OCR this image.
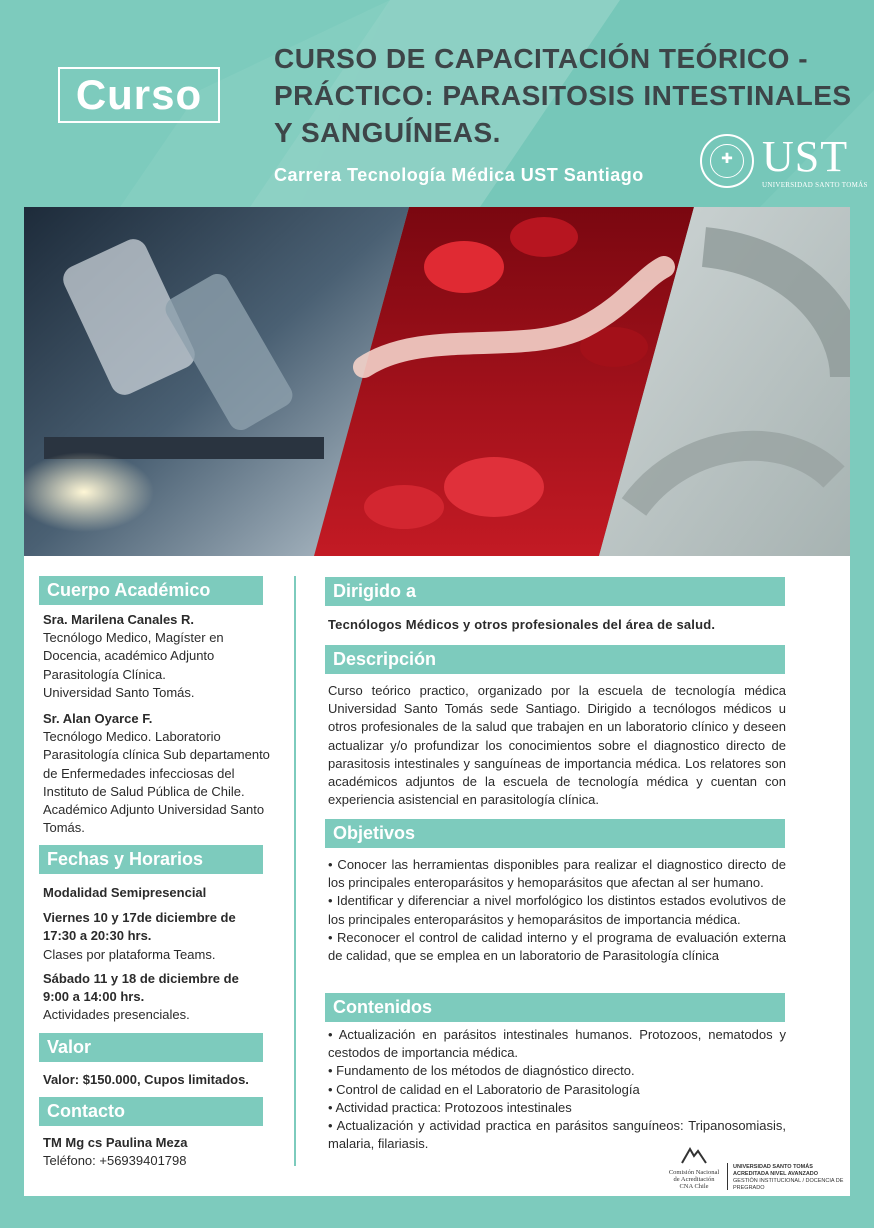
Curso
CURSO DE CAPACITACIÓN TEÓRICO -
PRÁCTICO: PARASITOSIS INTESTINALES
Y SANGUÍNEAS.
Carrera Tecnología Médica UST Santiago
✚ UST
UNIVERSIDAD SANTO TOMÁS
Cuerpo Académico
Sra. Marilena Canales R.
Tecnólogo Medico, Magíster en
Docencia, académico Adjunto
Parasitología Clínica.
Universidad Santo Tomás.
Sr. Alan Oyarce F.
Tecnólogo Medico. Laboratorio
Parasitología clínica Sub departamento
de Enfermedades infecciosas del
Instituto de Salud Pública de Chile.
Académico Adjunto Universidad Santo
Tomás.
Fechas y Horarios
Modalidad Semipresencial
Viernes 10 y 17de diciembre de
17:30 a 20:30 hrs.
Clases por plataforma Teams.
Sábado 11 y 18 de diciembre de
9:00 a 14:00 hrs.
Actividades presenciales.
Valor
Valor: $150.000, Cupos limitados.
Contacto
TM Mg cs Paulina Meza
Teléfono: +56939401798
Dirigido a
Tecnólogos Médicos y otros profesionales del área de salud.
Descripción

Curso teórico practico, organizado por la escuela de tecnología médica Universidad Santo Tomás sede Santiago. Dirigido a tecnólogos médicos u otros profesionales de la salud que trabajen en un laboratorio clínico y deseen actualizar y/o profundizar los conocimientos sobre el diagnostico directo de parasitosis intestinales y sanguíneas de importancia médica. Los relatores son académicos adjuntos de la escuela de tecnología médica y cuentan con experiencia asistencial en parasitología clínica.

Objetivos
• Conocer las herramientas disponibles para realizar el diagnostico directo de los principales enteroparásitos y hemoparásitos que afectan al ser humano.
• Identificar y diferenciar a nivel morfológico los distintos estados evolutivos de los principales enteroparásitos y hemoparásitos de importancia médica.
• Reconocer el control de calidad interno y el programa de evaluación externa de calidad, que se emplea en un laboratorio de Parasitología clínica
Contenidos
• Actualización en parásitos intestinales humanos. Protozoos, nematodos y cestodos de importancia médica.
• Fundamento de los métodos de diagnóstico directo.
• Control de calidad en el Laboratorio de Parasitología
• Actividad practica: Protozoos intestinales
• Actualización y actividad practica en parásitos sanguíneos: Tripanosomiasis, malaria, filariasis.
Comisión Nacional
de Acreditación
CNA Chile
UNIVERSIDAD SANTO TOMÁS
ACREDITADA NIVEL AVANZADO
GESTIÓN INSTITUCIONAL / DOCENCIA DE PREGRADO
